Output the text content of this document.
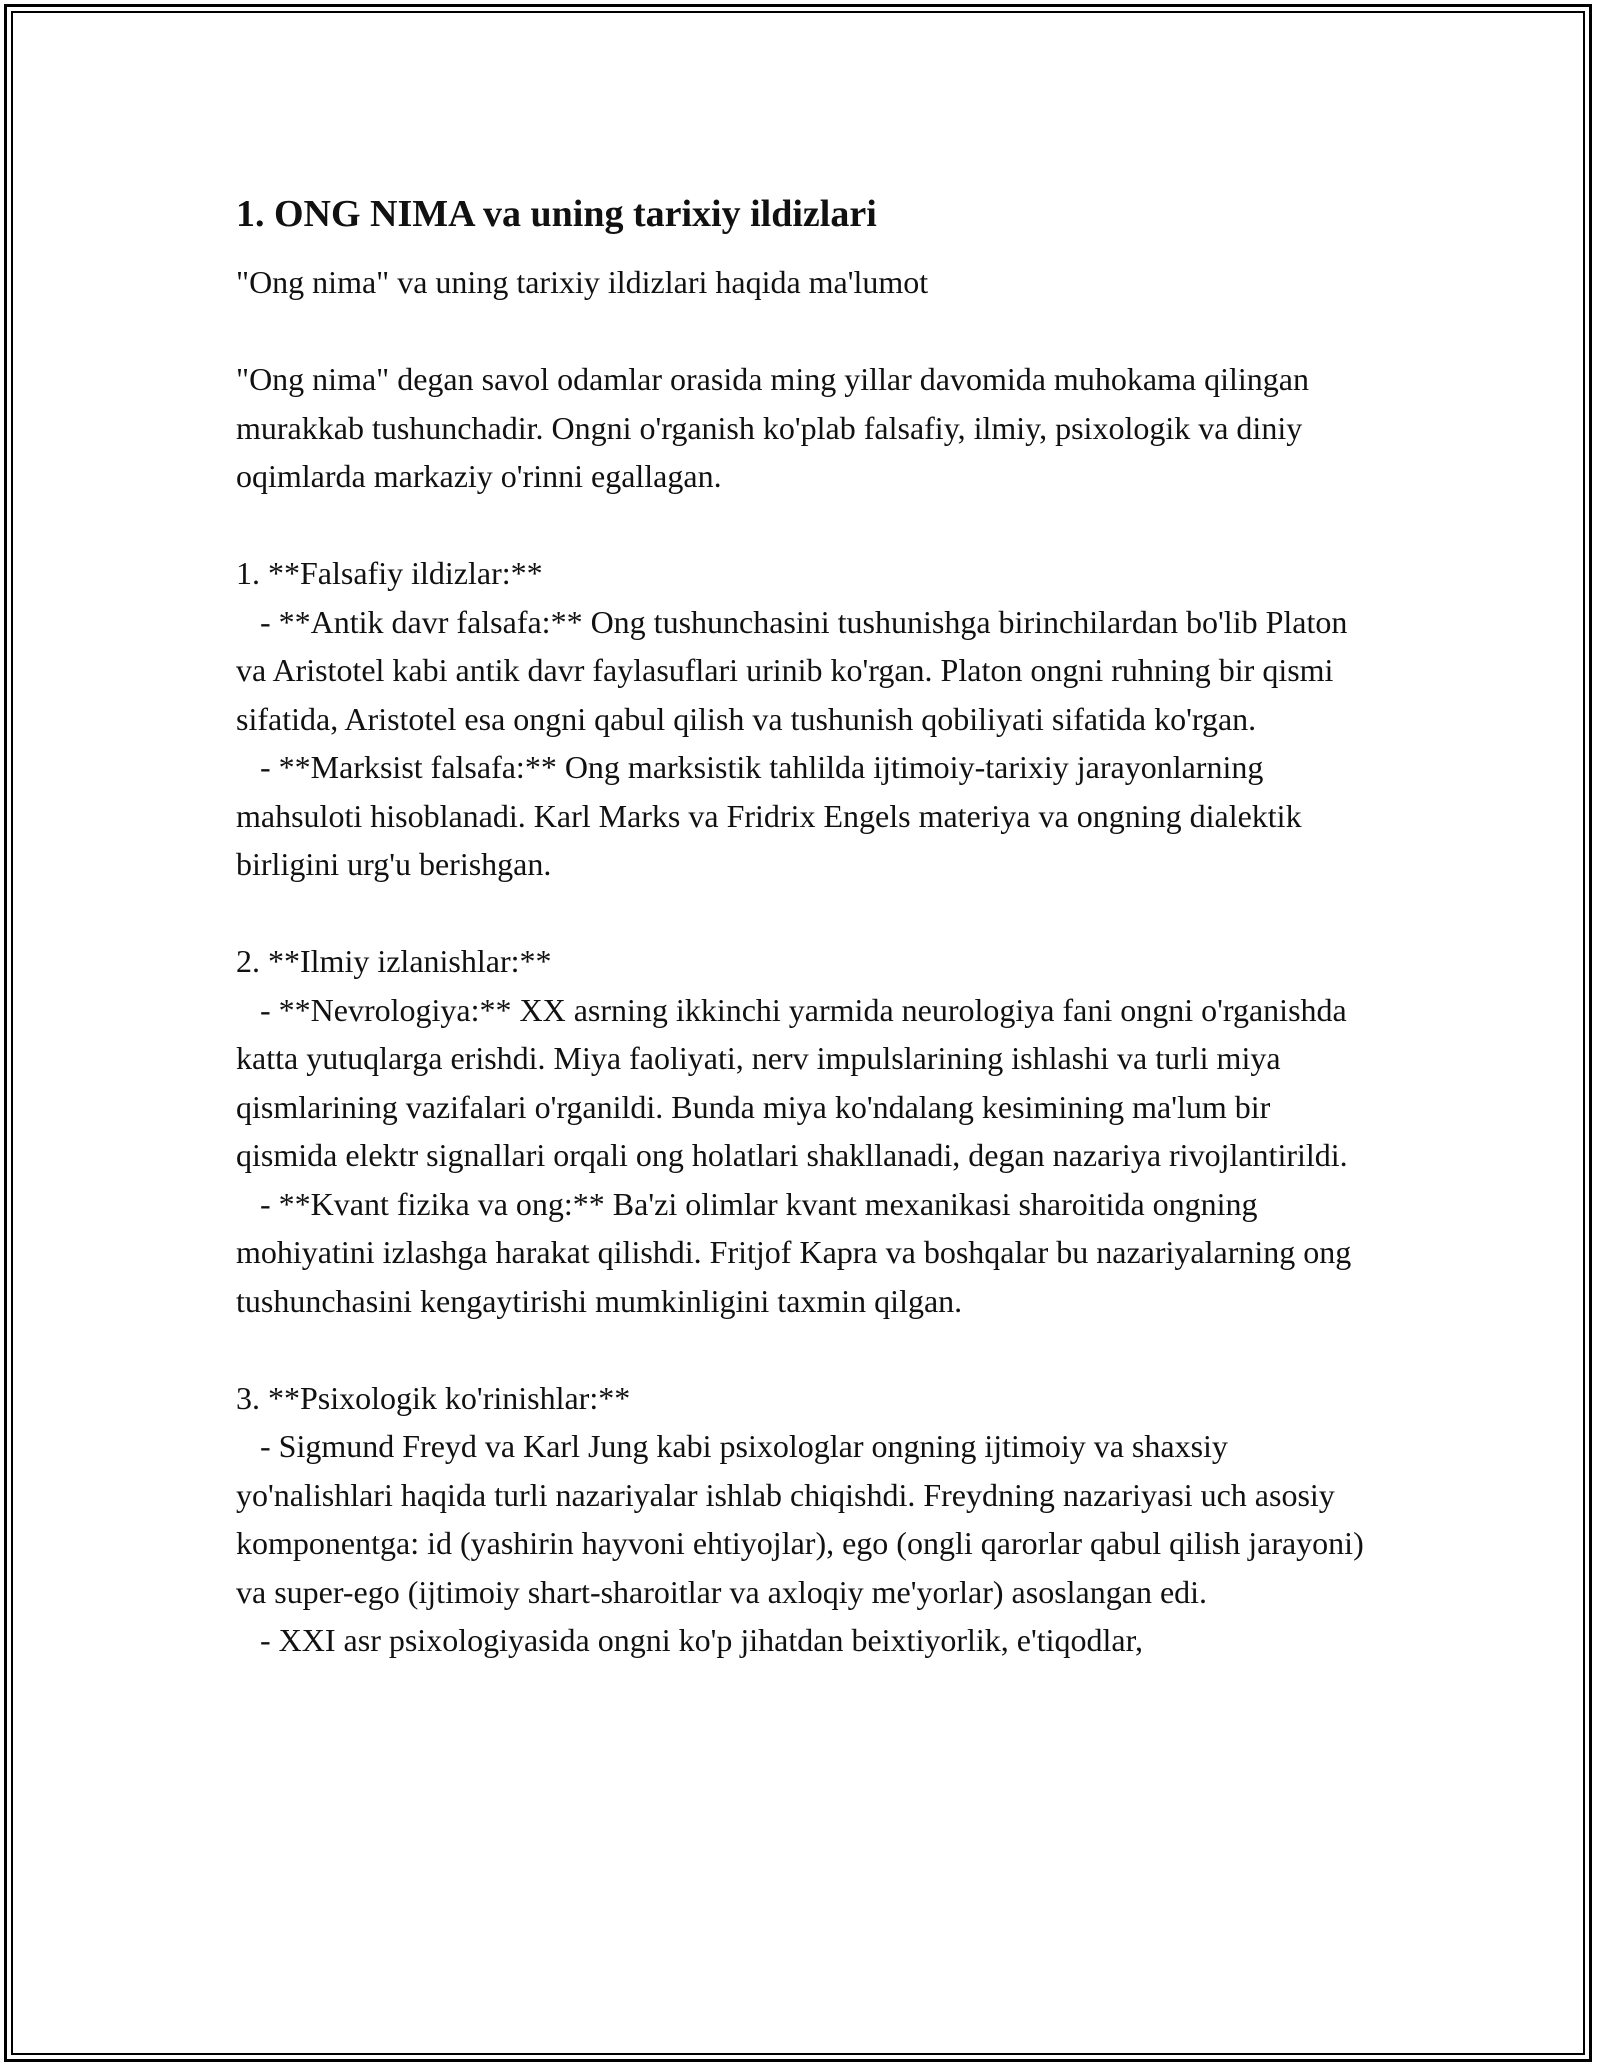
1. ONG NIMA va uning tarixiy ildizlari

"Ong nima" va uning tarixiy ildizlari haqida ma'lumot

"Ong nima" degan savol odamlar orasida ming yillar davomida muhokama qilingan murakkab tushunchadir. Ongni o'rganish ko'plab falsafiy, ilmiy, psixologik va diniy oqimlarda markaziy o'rinni egallagan.

1. **Falsafiy ildizlar:**

- **Antik davr falsafa:** Ong tushunchasini tushunishga birinchilardan bo'lib Platon va Aristotel kabi antik davr faylasuflari urinib ko'rgan. Platon ongni ruhning bir qismi sifatida, Aristotel esa ongni qabul qilish va tushunish qobiliyati sifatida ko'rgan.

- **Marksist falsafa:** Ong marksistik tahlilda ijtimoiy-tarixiy jarayonlarning mahsuloti hisoblanadi. Karl Marks va Fridrix Engels materiya va ongning dialektik birligini urg'u berishgan.

2. **Ilmiy izlanishlar:**

- **Nevrologiya:** XX asrning ikkinchi yarmida neurologiya fani ongni o'rganishda katta yutuqlarga erishdi. Miya faoliyati, nerv impulslarining ishlashi va turli miya qismlarining vazifalari o'rganildi. Bunda miya ko'ndalang kesimining ma'lum bir qismida elektr signallari orqali ong holatlari shakllanadi, degan nazariya rivojlantirildi.

- **Kvant fizika va ong:** Ba'zi olimlar kvant mexanikasi sharoitida ongning mohiyatini izlashga harakat qilishdi. Fritjof Kapra va boshqalar bu nazariyalarning ong tushunchasini kengaytirishi mumkinligini taxmin qilgan.

3. **Psixologik ko'rinishlar:**

- Sigmund Freyd va Karl Jung kabi psixologlar ongning ijtimoiy va shaxsiy yo'nalishlari haqida turli nazariyalar ishlab chiqishdi. Freydning nazariyasi uch asosiy komponentga: id (yashirin hayvoni ehtiyojlar), ego (ongli qarorlar qabul qilish jarayoni) va super-ego (ijtimoiy shart-sharoitlar va axloqiy me'yorlar) asoslangan edi.

- XXI asr psixologiyasida ongni ko'p jihatdan beixtiyorlik, e'tiqodlar,
